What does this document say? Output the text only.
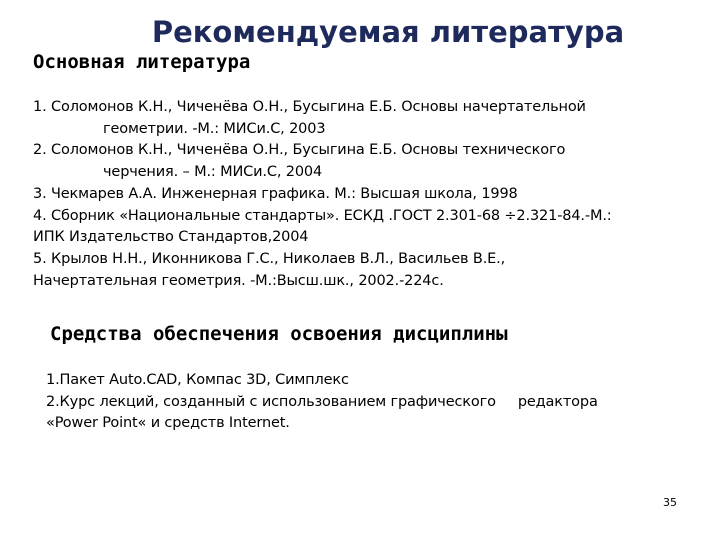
Рекомендуемая литература
Основная литература
1. Соломонов К.Н., Чиченёва О.Н., Бусыгина Е.Б. Основы начертательной
геометрии. -М.: МИСи.С, 2003
2. Соломонов К.Н., Чиченёва О.Н., Бусыгина Е.Б. Основы технического
черчения. – М.: МИСи.С, 2004
3. Чекмарев А.А. Инженерная графика. М.: Высшая школа, 1998
4. Сборник «Национальные стандарты». ЕСКД .ГОСТ 2.301-68 ÷2.321-84.-М.:
ИПК Издательство Стандартов,2004
5. Крылов Н.Н., Иконникова Г.С., Николаев В.Л., Васильев В.Е.,
Начертательная геометрия. -М.:Высш.шк., 2002.-224с.
Средства обеспечения освоения дисциплины
1.Пакет Auto.CAD, Компас 3D, Симплекс
2.Курс лекций, созданный с использованием графического редактора
«Power Point« и средств Internet.
35
